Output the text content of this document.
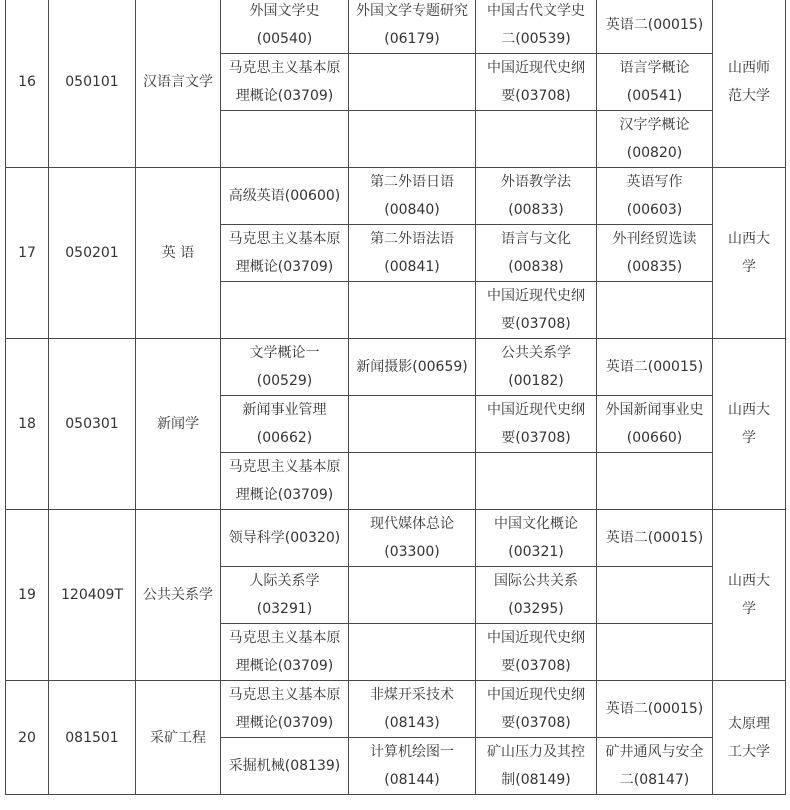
16	050101	汉语言文学	外国文学史(00540)	外国文学专题研究(06179)	中国古代文学史二(00539)	英语二(00015)	山西师范大学
			马克思主义基本原理概论(03709)		中国近现代史纲要(03708)	语言学概论(00541)	
						汉字学概论(00820)	
17	050201	英 语	高级英语(00600)	第二外语日语(00840)	外语教学法(00833)	英语写作(00603)	山西大学
			马克思主义基本原理概论(03709)	第二外语法语(00841)	语言与文化(00838)	外刊经贸选读(00835)	
					中国近现代史纲要(03708)		
18	050301	新闻学	文学概论一(00529)	新闻摄影(00659)	公共关系学(00182)	英语二(00015)	山西大学
			新闻事业管理(00662)		中国近现代史纲要(03708)	外国新闻事业史(00660)	
			马克思主义基本原理概论(03709)				
19	120409T	公共关系学	领导科学(00320)	现代媒体总论(03300)	中国文化概论(00321)	英语二(00015)	山西大学
			人际关系学(03291)		国际公共关系(03295)		
			马克思主义基本原理概论(03709)		中国近现代史纲要(03708)		
20	081501	采矿工程	马克思主义基本原理概论(03709)	非煤开采技术(08143)	中国近现代史纲要(03708)	英语二(00015)	太原理工大学
			采掘机械(08139)	计算机绘图一(08144)	矿山压力及其控制(08149)	矿井通风与安全二(08147)	
